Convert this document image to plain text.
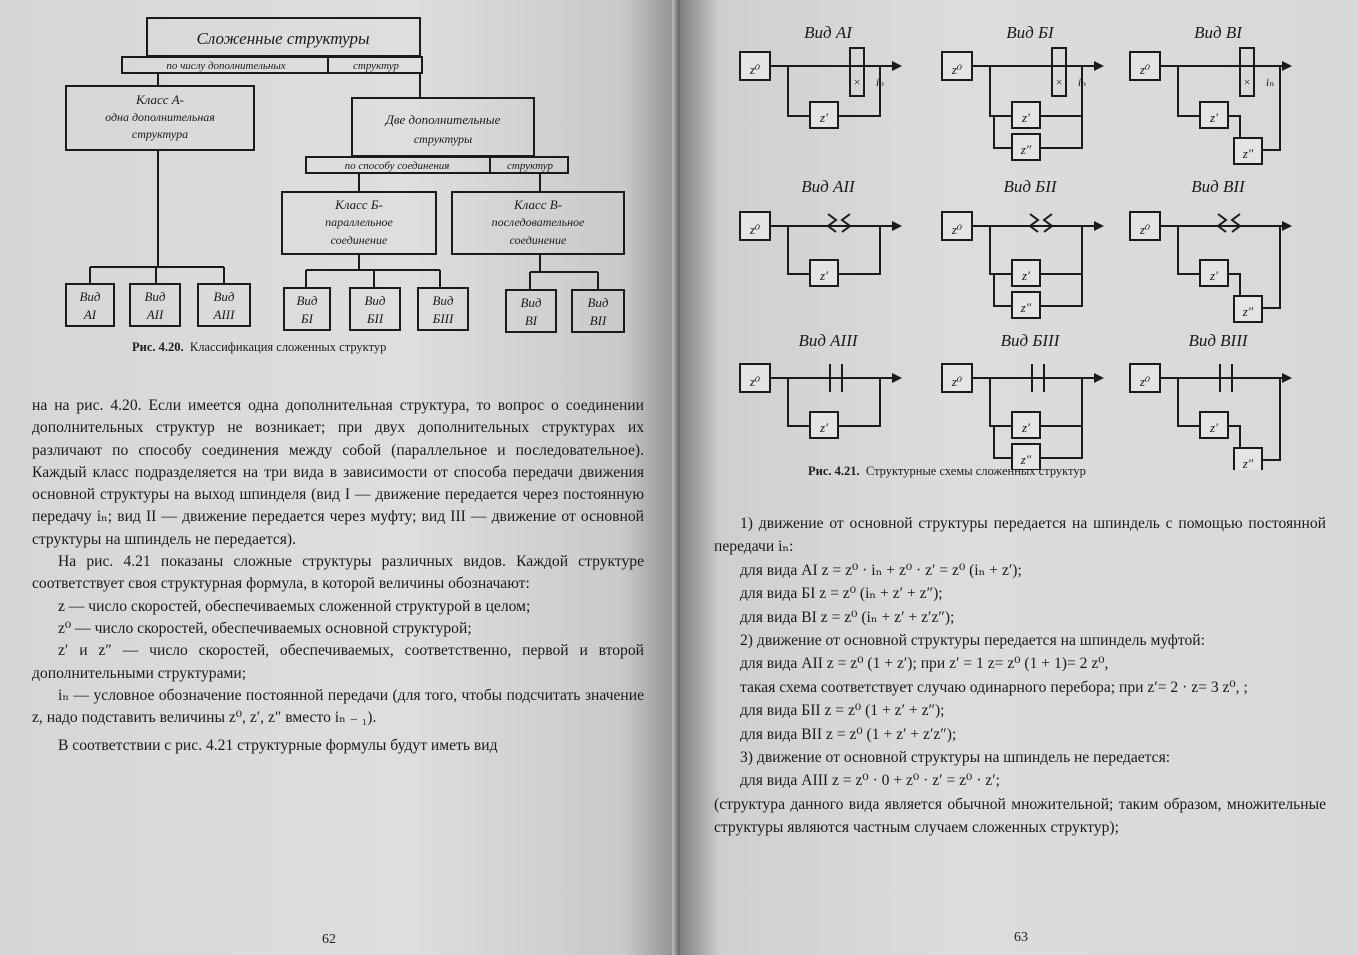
Сложенные структуры
по числу дополнительных	структур
Класс А-
одна дополнительная
структура
Две дополнительные
структуры
по способу соединения	структур
Класс Б-
параллельное
соединение
Класс В-
последовательное
соединение
Вид
АI
Вид
АII
Вид
АIII
Вид
БI
Вид
БII
Вид
БIII
Вид
ВI
Вид
ВII
Рис. 4.20. Классификация сложенных структур

на на рис. 4.20. Если имеется одна дополнительная структура, то вопрос о соединении дополнительных структур не возникает; при двух дополнительных структурах их различают по способу соединения между собой (параллельное и последовательное). Каждый класс подразделяется на три вида в зависимости от способа передачи движения основной структуры на выход шпинделя (вид I — движение передается через постоянную передачу iₙ; вид II — движение передается через муфту; вид III — движение от основной структуры на шпиндель не передается).

На рис. 4.21 показаны сложные структуры различных видов. Каждой структуре соответствует своя структурная формула, в которой величины обозначают:

z — число скоростей, обеспечиваемых сложенной структурой в целом;

z⁰ — число скоростей, обеспечиваемых основной структурой;

z′ и z″ — число скоростей, обеспечиваемых, соответственно, первой и второй дополнительными структурами;

iₙ — условное обозначение постоянной передачи (для того, чтобы подсчитать значение z, надо подставить величины z⁰, z′, z″ вместо iₙ ₋ ₁).

В соответствии с рис. 4.21 структурные формулы будут иметь вид

62
Вид АI
z⁰
× iₙ
z′
Вид БI
z⁰
× iₙ
z′
z″
Вид ВI
z⁰
× iₙ
z′
z″
Вид АII
z⁰
z′
Вид БII
z⁰
z′
z″
Вид ВII
z⁰
z′
z″
Вид АIII
z⁰
z′
Вид БIII
z⁰
z′
z″
Вид ВIII
z⁰
z′
z″
Рис. 4.21. Структурные схемы сложенных структур

1) движение от основной структуры передается на шпиндель с помощью постоянной передачи iₙ:

для вида АI z = z⁰ · iₙ + z⁰ · z′ = z⁰ (iₙ + z′);

для вида БI z = z⁰ (iₙ + z′ + z″);

для вида ВI z = z⁰ (iₙ + z′ + z′z″);

2) движение от основной структуры передается на шпиндель муфтой:

для вида АII z = z⁰ (1 + z′); при z′ = 1 z= z⁰ (1 + 1)= 2 z⁰,

такая схема соответствует случаю одинарного перебора; при z′= 2 · z= 3 z⁰, ;

для вида БII z = z⁰ (1 + z′ + z″);

для вида ВII z = z⁰ (1 + z′ + z′z″);

3) движение от основной структуры на шпиндель не передается:

для вида АIII z = z⁰ · 0 + z⁰ · z′ = z⁰ · z′;

(структура данного вида является обычной множительной; таким образом, множительные структуры являются частным случаем сложенных структур);

63
